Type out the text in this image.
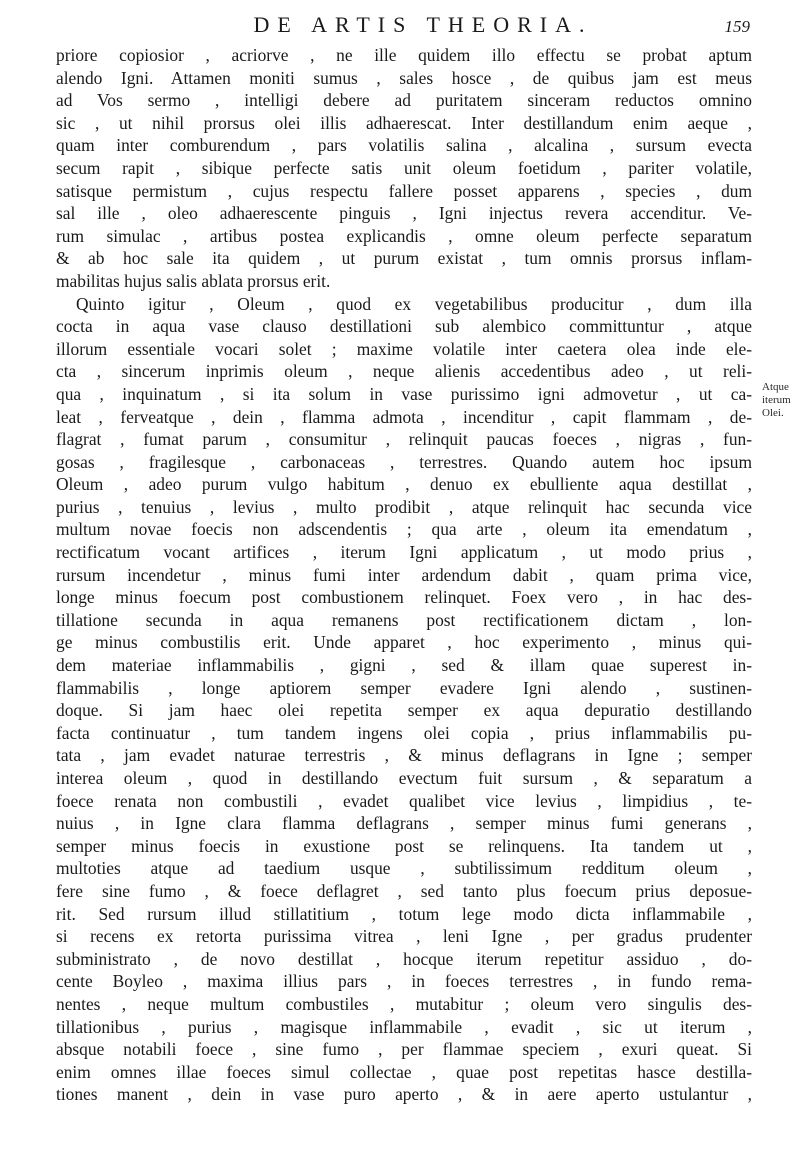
DE ARTIS THEORIA.	159
priore copiosior , acriorve , ne ille quidem illo effectu se probat aptum
alendo Igni. Attamen moniti sumus , sales hosce , de quibus jam est meus
ad Vos sermo , intelligi debere ad puritatem sinceram reductos omnino
sic , ut nihil prorsus olei illis adhaerescat. Inter destillandum enim aeque ,
quam inter comburendum , pars volatilis salina , alcalina , sursum evecta
secum rapit , sibique perfecte satis unit oleum foetidum , pariter volatile,
satisque permistum , cujus respectu fallere posset apparens , species , dum
sal ille , oleo adhaerescente pinguis , Igni injectus revera accenditur. Ve-
rum simulac , artibus postea explicandis , omne oleum perfecte separatum
& ab hoc sale ita quidem , ut purum existat , tum omnis prorsus inflam-
mabilitas hujus salis ablata prorsus erit.
Quinto igitur , Oleum , quod ex vegetabilibus producitur , dum illa
cocta in aqua vase clauso destillationi sub alembico committuntur , atque
illorum essentiale vocari solet ; maxime volatile inter caetera olea inde ele-
cta , sincerum inprimis oleum , neque alienis accedentibus adeo , ut reli-
qua , inquinatum , si ita solum in vase purissimo igni admovetur , ut ca-
leat , ferveatque , dein , flamma admota , incenditur , capit flammam , de-
flagrat , fumat parum , consumitur , relinquit paucas foeces , nigras , fun-
gosas , fragilesque , carbonaceas , terrestres. Quando autem hoc ipsum
Oleum , adeo purum vulgo habitum , denuo ex ebulliente aqua destillat ,
purius , tenuius , levius , multo prodibit , atque relinquit hac secunda vice
multum novae foecis non adscendentis ; qua arte , oleum ita emendatum ,
rectificatum vocant artifices , iterum Igni applicatum , ut modo prius ,
rursum incendetur , minus fumi inter ardendum dabit , quam prima vice,
longe minus foecum post combustionem relinquet. Foex vero , in hac des-
tillatione secunda in aqua remanens post rectificationem dictam , lon-
ge minus combustilis erit. Unde apparet , hoc experimento , minus qui-
dem materiae inflammabilis , gigni , sed & illam quae superest in-
flammabilis , longe aptiorem semper evadere Igni alendo , sustinen-
doque. Si jam haec olei repetita semper ex aqua depuratio destillando
facta continuatur , tum tandem ingens olei copia , prius inflammabilis pu-
tata , jam evadet naturae terrestris , & minus deflagrans in Igne ; semper
interea oleum , quod in destillando evectum fuit sursum , & separatum a
foece renata non combustili , evadet qualibet vice levius , limpidius , te-
nuius , in Igne clara flamma deflagrans , semper minus fumi generans ,
semper minus foecis in exustione post se relinquens. Ita tandem ut ,
multoties atque ad taedium usque , subtilissimum redditum oleum ,
fere sine fumo , & foece deflagret , sed tanto plus foecum prius deposue-
rit. Sed rursum illud stillatitium , totum lege modo dicta inflammabile ,
si recens ex retorta purissima vitrea , leni Igne , per gradus prudenter
subministrato , de novo destillat , hocque iterum repetitur assiduo , do-
cente Boyleo , maxima illius pars , in foeces terrestres , in fundo rema-
nentes , neque multum combustiles , mutabitur ; oleum vero singulis des-
tillationibus , purius , magisque inflammabile , evadit , sic ut iterum ,
absque notabili foece , sine fumo , per flammae speciem , exuri queat. Si
enim omnes illae foeces simul collectae , quae post repetitas hasce destilla-
tiones manent , dein in vase puro aperto , & in aere aperto ustulantur ,
Atque iterum
Olei.
